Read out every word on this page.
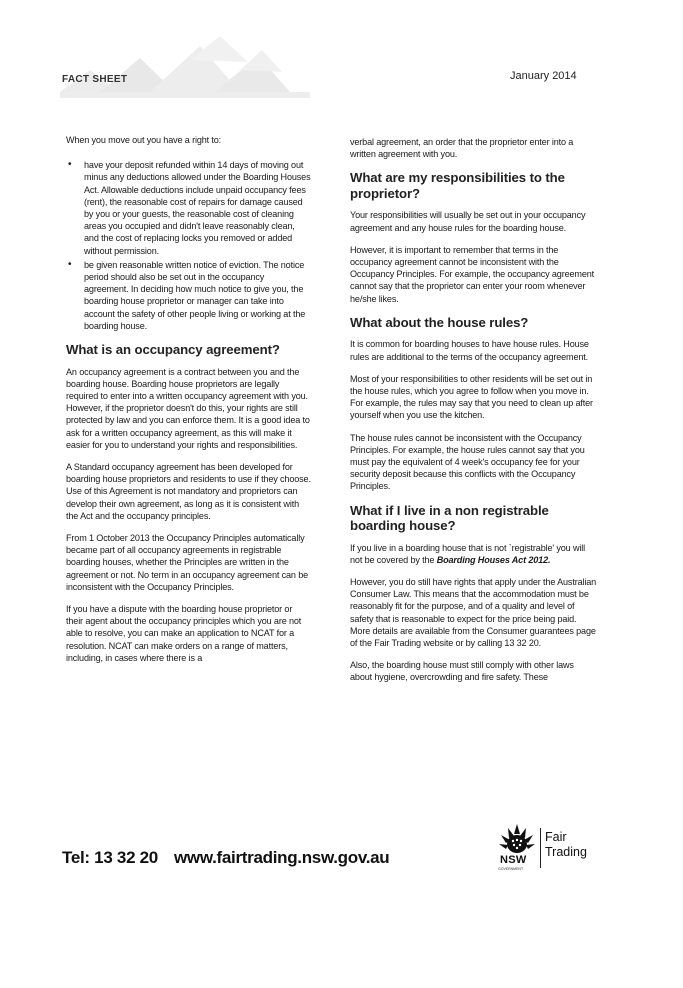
FACT SHEET	January 2014

When you move out you have a right to:

• have your deposit refunded within 14 days of moving out minus any deductions allowed under the Boarding Houses Act. Allowable deductions include unpaid occupancy fees (rent), the reasonable cost of repairs for damage caused by you or your guests, the reasonable cost of cleaning areas you occupied and didn't leave reasonably clean, and the cost of replacing locks you removed or added without permission.
• be given reasonable written notice of eviction. The notice period should also be set out in the occupancy agreement. In deciding how much notice to give you, the boarding house proprietor or manager can take into account the safety of other people living or working at the boarding house.
What is an occupancy agreement?

An occupancy agreement is a contract between you and the boarding house. Boarding house proprietors are legally required to enter into a written occupancy agreement with you. However, if the proprietor doesn't do this, your rights are still protected by law and you can enforce them. It is a good idea to ask for a written occupancy agreement, as this will make it easier for you to understand your rights and responsibilities.

A Standard occupancy agreement has been developed for boarding house proprietors and residents to use if they choose. Use of this Agreement is not mandatory and proprietors can develop their own agreement, as long as it is consistent with the Act and the occupancy principles.

From 1 October 2013 the Occupancy Principles automatically became part of all occupancy agreements in registrable boarding houses, whether the Principles are written in the agreement or not. No term in an occupancy agreement can be inconsistent with the Occupancy Principles.

If you have a dispute with the boarding house proprietor or their agent about the occupancy principles which you are not able to resolve, you can make an application to NCAT for a resolution. NCAT can make orders on a range of matters, including, in cases where there is a

verbal agreement, an order that the proprietor enter into a written agreement with you.

What are my responsibilities to the proprietor?

Your responsibilities will usually be set out in your occupancy agreement and any house rules for the boarding house.

However, it is important to remember that terms in the occupancy agreement cannot be inconsistent with the Occupancy Principles. For example, the occupancy agreement cannot say that the proprietor can enter your room whenever he/she likes.

What about the house rules?

It is common for boarding houses to have house rules. House rules are additional to the terms of the occupancy agreement.

Most of your responsibilities to other residents will be set out in the house rules, which you agree to follow when you move in. For example, the rules may say that you need to clean up after yourself when you use the kitchen.

The house rules cannot be inconsistent with the Occupancy Principles. For example, the house rules cannot say that you must pay the equivalent of 4 week's occupancy fee for your security deposit because this conflicts with the Occupancy Principles.

What if I live in a non registrable boarding house?

If you live in a boarding house that is not `registrable' you will not be covered by the Boarding Houses Act 2012.

However, you do still have rights that apply under the Australian Consumer Law. This means that the accommodation must be reasonably fit for the purpose, and of a quality and level of safety that is reasonable to expect for the price being paid. More details are available from the Consumer guarantees page of the Fair Trading website or by calling 13 32 20.

Also, the boarding house must still comply with other laws about hygiene, overcrowding and fire safety. These

Tel: 13 32 20 www.fairtrading.nsw.gov.au	NSW
GOVERNMENT
Fair
Trading
